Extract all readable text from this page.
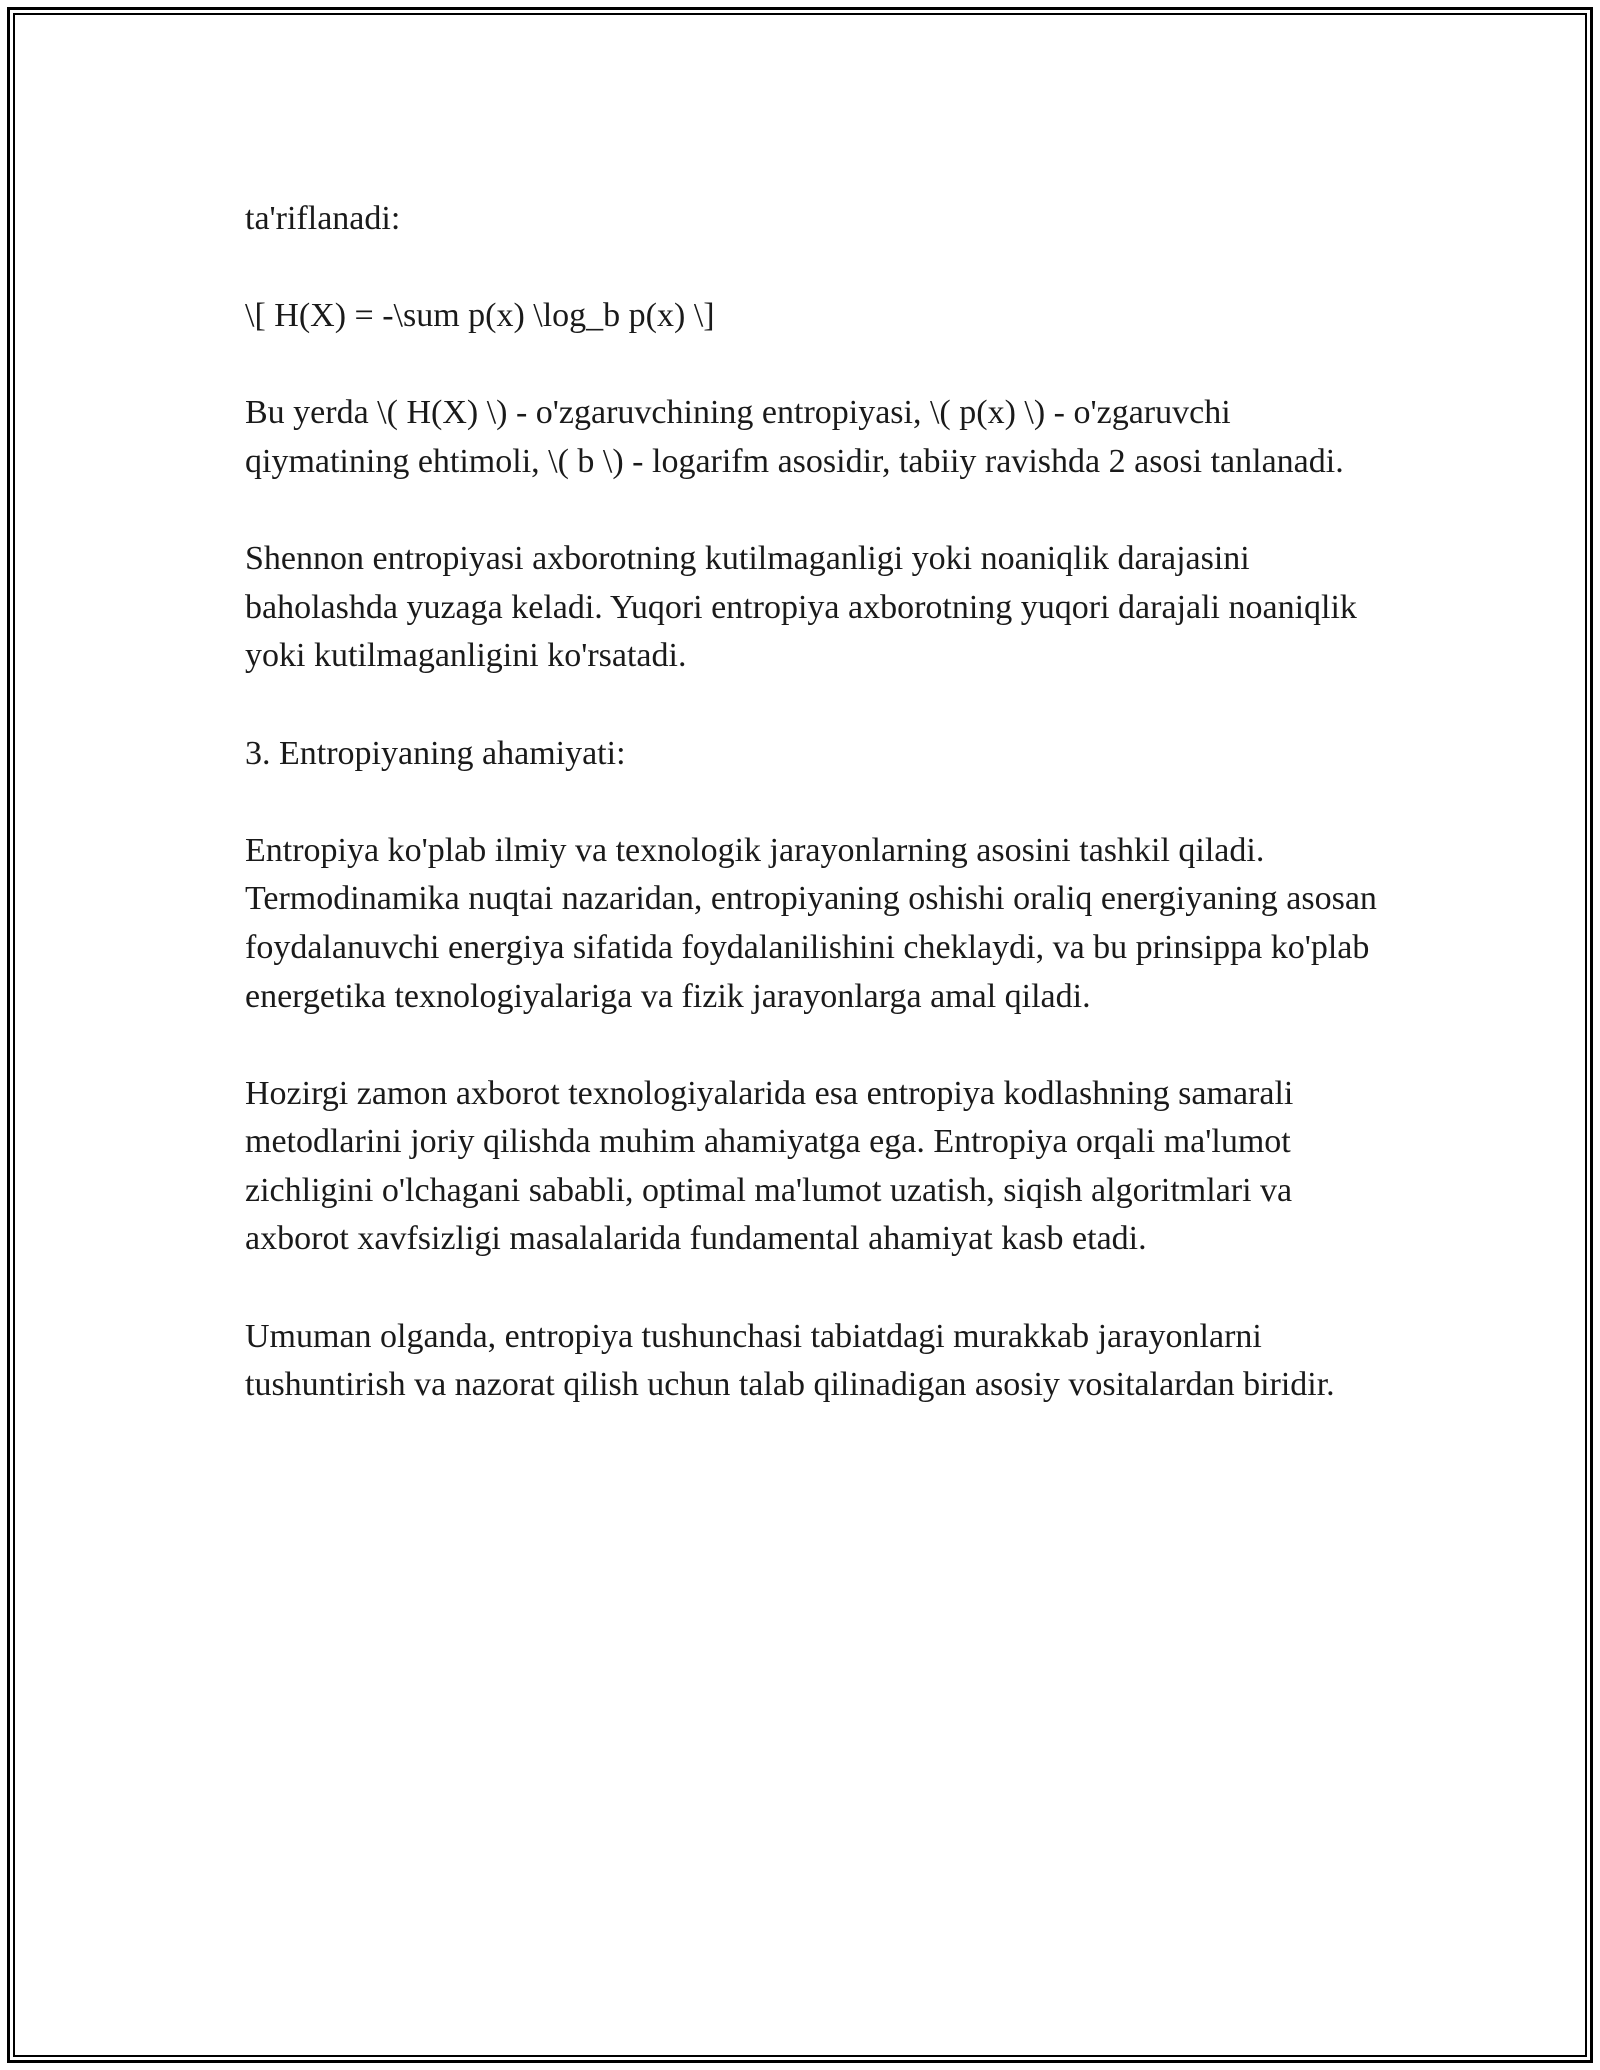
ta'riflanadi:

\[ H(X) = -\sum p(x) \log_b p(x) \]

Bu yerda \( H(X) \) - o'zgaruvchining entropiyasi, \( p(x) \) - o'zgaruvchi qiymatining ehtimoli, \( b \) - logarifm asosidir, tabiiy ravishda 2 asosi tanlanadi.

Shennon entropiyasi axborotning kutilmaganligi yoki noaniqlik darajasini baholashda yuzaga keladi. Yuqori entropiya axborotning yuqori darajali noaniqlik yoki kutilmaganligini ko'rsatadi.

3. Entropiyaning ahamiyati:

Entropiya ko'plab ilmiy va texnologik jarayonlarning asosini tashkil qiladi. Termodinamika nuqtai nazaridan, entropiyaning oshishi oraliq energiyaning asosan foydalanuvchi energiya sifatida foydalanilishini cheklaydi, va bu prinsippa ko'plab energetika texnologiyalariga va fizik jarayonlarga amal qiladi.

Hozirgi zamon axborot texnologiyalarida esa entropiya kodlashning samarali metodlarini joriy qilishda muhim ahamiyatga ega. Entropiya orqali ma'lumot zichligini o'lchagani sababli, optimal ma'lumot uzatish, siqish algoritmlari va axborot xavfsizligi masalalarida fundamental ahamiyat kasb etadi.

Umuman olganda, entropiya tushunchasi tabiatdagi murakkab jarayonlarni tushuntirish va nazorat qilish uchun talab qilinadigan asosiy vositalardan biridir.
